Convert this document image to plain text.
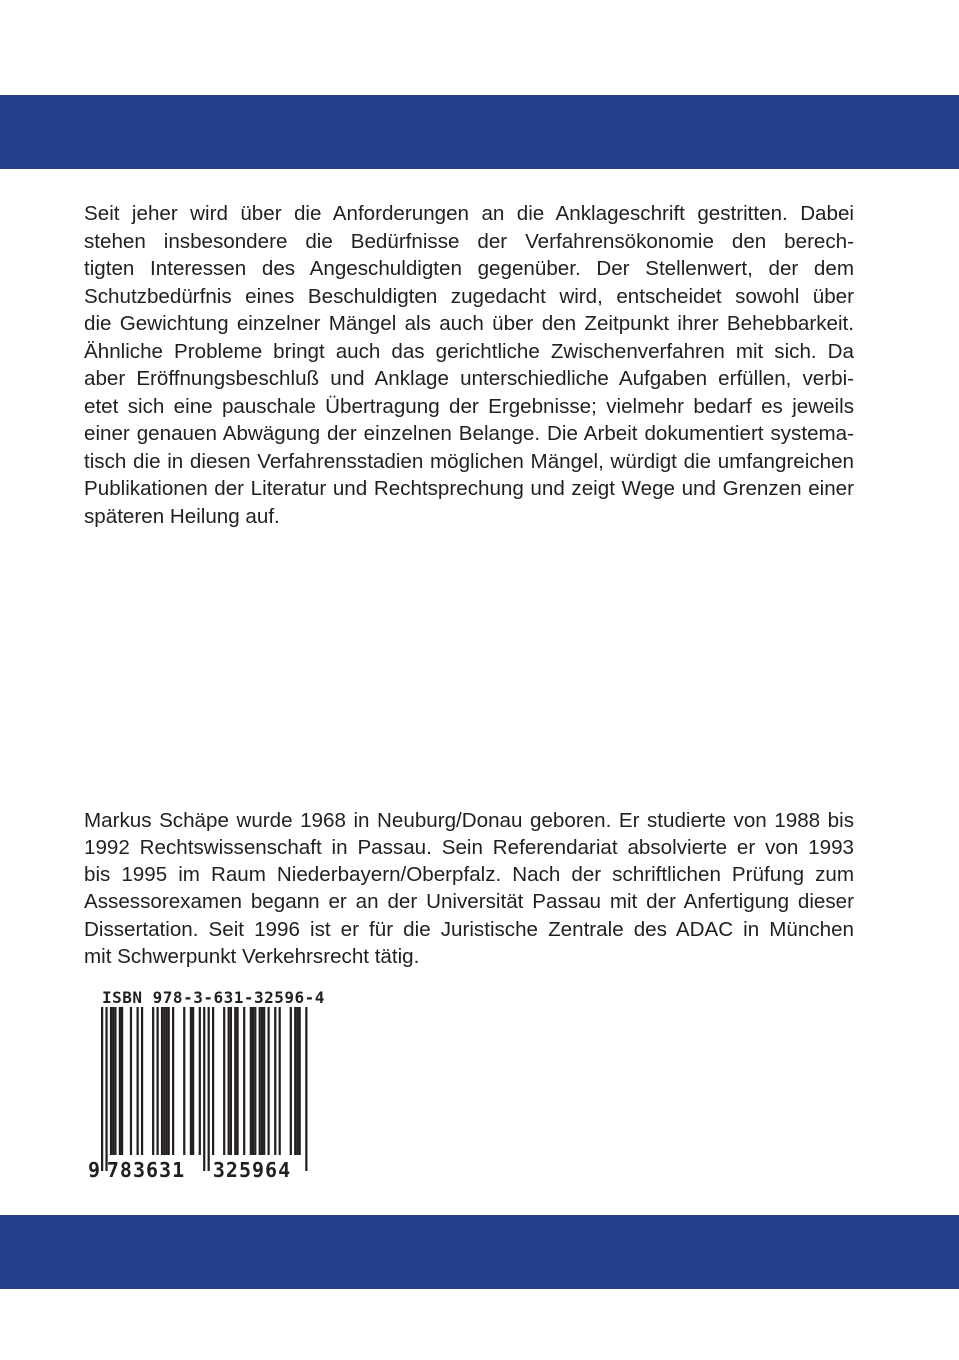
Seit jeher wird über die Anforderungen an die Anklageschrift gestritten. Dabei
stehen insbesondere die Bedürfnisse der Verfahrensökonomie den berech-
tigten Interessen des Angeschuldigten gegenüber. Der Stellenwert, der dem
Schutzbedürfnis eines Beschuldigten zugedacht wird, entscheidet sowohl über
die Gewichtung einzelner Mängel als auch über den Zeitpunkt ihrer Behebbarkeit.
Ähnliche Probleme bringt auch das gerichtliche Zwischenverfahren mit sich. Da
aber Eröffnungsbeschluß und Anklage unterschiedliche Aufgaben erfüllen, verbi-
etet sich eine pauschale Übertragung der Ergebnisse; vielmehr bedarf es jeweils
einer genauen Abwägung der einzelnen Belange. Die Arbeit dokumentiert systema-
tisch die in diesen Verfahrensstadien möglichen Mängel, würdigt die umfangreichen
Publikationen der Literatur und Rechtsprechung und zeigt Wege und Grenzen einer
späteren Heilung auf.

Markus Schäpe wurde 1968 in Neuburg/Donau geboren. Er studierte von 1988 bis
1992 Rechtswissenschaft in Passau. Sein Referendariat absolvierte er von 1993
bis 1995 im Raum Niederbayern/Oberpfalz. Nach der schriftlichen Prüfung zum
Assessorexamen begann er an der Universität Passau mit der Anfertigung dieser
Dissertation. Seit 1996 ist er für die Juristische Zentrale des ADAC in München
mit Schwerpunkt Verkehrsrecht tätig.

ISBN 978-3-631-32596-4
9 783631 325964
